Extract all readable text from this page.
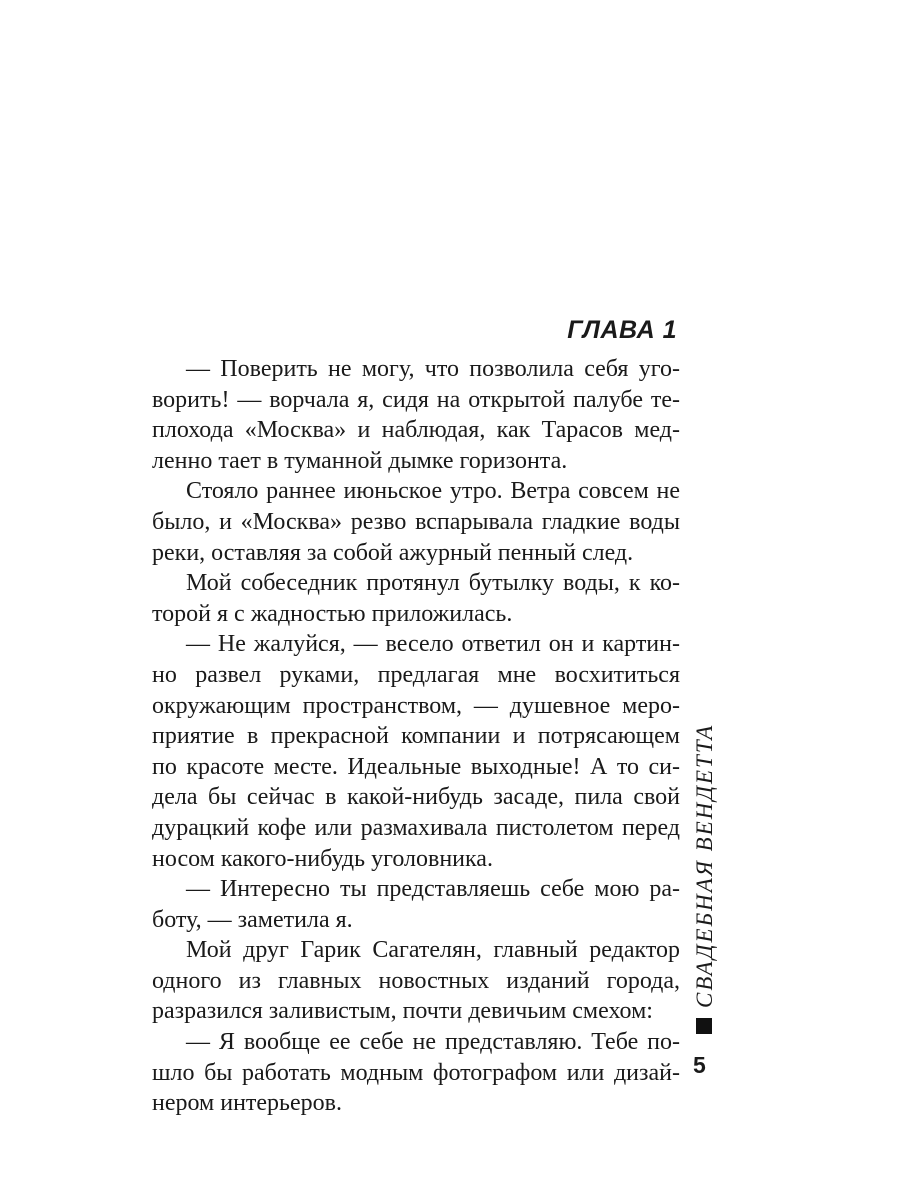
ГЛАВА 1
— Поверить не могу, что позволила себя уго-
ворить! — ворчала я, сидя на открытой палубе те-
плохода «Москва» и наблюдая, как Тарасов мед-
ленно тает в туманной дымке горизонта.
Стояло раннее июньское утро. Ветра совсем не
было, и «Москва» резво вспарывала гладкие воды
реки, оставляя за собой ажурный пенный след.
Мой собеседник протянул бутылку воды, к ко-
торой я с жадностью приложилась.
— Не жалуйся, — весело ответил он и картин-
но развел руками, предлагая мне восхититься
окружающим пространством, — душевное меро-
приятие в прекрасной компании и потрясающем
по красоте месте. Идеальные выходные! А то си-
дела бы сейчас в какой-нибудь засаде, пила свой
дурацкий кофе или размахивала пистолетом перед
носом какого-нибудь уголовника.
— Интересно ты представляешь себе мою ра-
боту, — заметила я.
Мой друг Гарик Сагателян, главный редактор
одного из главных новостных изданий города,
разразился заливистым, почти девичьим смехом:
— Я вообще ее себе не представляю. Тебе по-
шло бы работать модным фотографом или дизай-
нером интерьеров.
СВАДЕБНАЯ ВЕНДЕТТА
5
